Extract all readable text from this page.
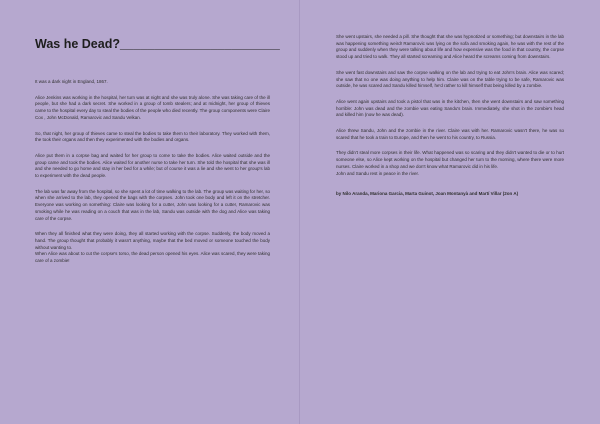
Was he Dead?_______________________

It was a dark night in England, 1867.

Alice Jenkins was working in the hospital, her turn was at night and she was truly alone. She was taking care of the ill people, but she had a dark secret. She worked in a group of tomb stealers; and at midnight, her group of thieves came to the hospital every day to steal the bodies of the people who died recently. The group components were Claire Cox , John McDonald, Ramarovic and Sandu Velkan.

So, that night, her group of thieves came to steal the bodies to take them to their laboratory. They worked with them, the took their organs and then they experimented with the bodies and organs.

Alice put them in a corpse bag and waited for her group to come to take the bodies. Alice waited outside and the group came and took the bodies. Alice waited for another nurse to take her turn. She told the hospital that she was ill and she needed to go home and stay in her bed for a while; but of course it was a lie and she went to her group's lab to experiment with the dead people.

The lab was far away from the hospital, so she spent a lot of time walking to the lab. The group was waiting for her, so when she arrived to the lab, they opened the bags with the corpses. John took one body and left it on the stretcher. Everyone was working on something: Claire was looking for a cutter, John was looking for a cutter, Ramarovic was smoking while he was reading on a couch that was in the lab, Sandu was outside with the dog and Alice was taking care of the corpse.

When they all finished what they were doing, they all started working with the corpse. Suddenly, the body moved a hand. The group thought that probably it wasn't anything, maybe that the bed moved or someone touched the body without wanting to.

When Alice was about to cut the corpse's torso, the dead person opened his eyes. Alice was scared, they were taking care of a zombie!

She went upstairs, she needed a pill. She thought that she was hypnotized or something; but downstairs in the lab was happening something weird! Ramarovic was lying on the sofa and smoking again, he was with the rest of the group and suddenly when they were talking about life and how expensive was the food in that country, the corpse stood up and tried to walk. They all started screaming and Alice heard the screams coming from downstairs.

She went fast downstairs and saw the corpse walking on the lab and trying to eat John's brain. Alice was scared; she saw that no one was doing anything to help him. Claire was on the table trying to be safe, Ramarovic was outside, he was scared and Sandu killed himself, he'd rather to kill himself that being killed by a zombie.

Alice went again upstairs and took a pistol that was in the kitchen, then she went downstairs and saw something horrible: John was dead and the zombie was eating Sandu's brain. Immediately, she shot in the zombie's head and killed him (now he was dead).

Alice threw Sandu, John and the zombie in the river. Claire was with her. Ramarovic wasn't there, he was so scared that he took a train to Europe, and then he went to his country, to Russia.

They didn't steal more corpses in their life. What happened was so scaring and they didn't wanted to die or to hurt someone else, so Alice kept working on the hospital but changed her turn to the morning, where there were more nurses. Claire worked in a shop and we don't know what Ramarovic did in his life.

John and Sandu rest in peace in the river.

by Nilo Aranda, Mariona Garcia, Marta Guinot, Joan Montanyà and Martí Villar (2on A)
